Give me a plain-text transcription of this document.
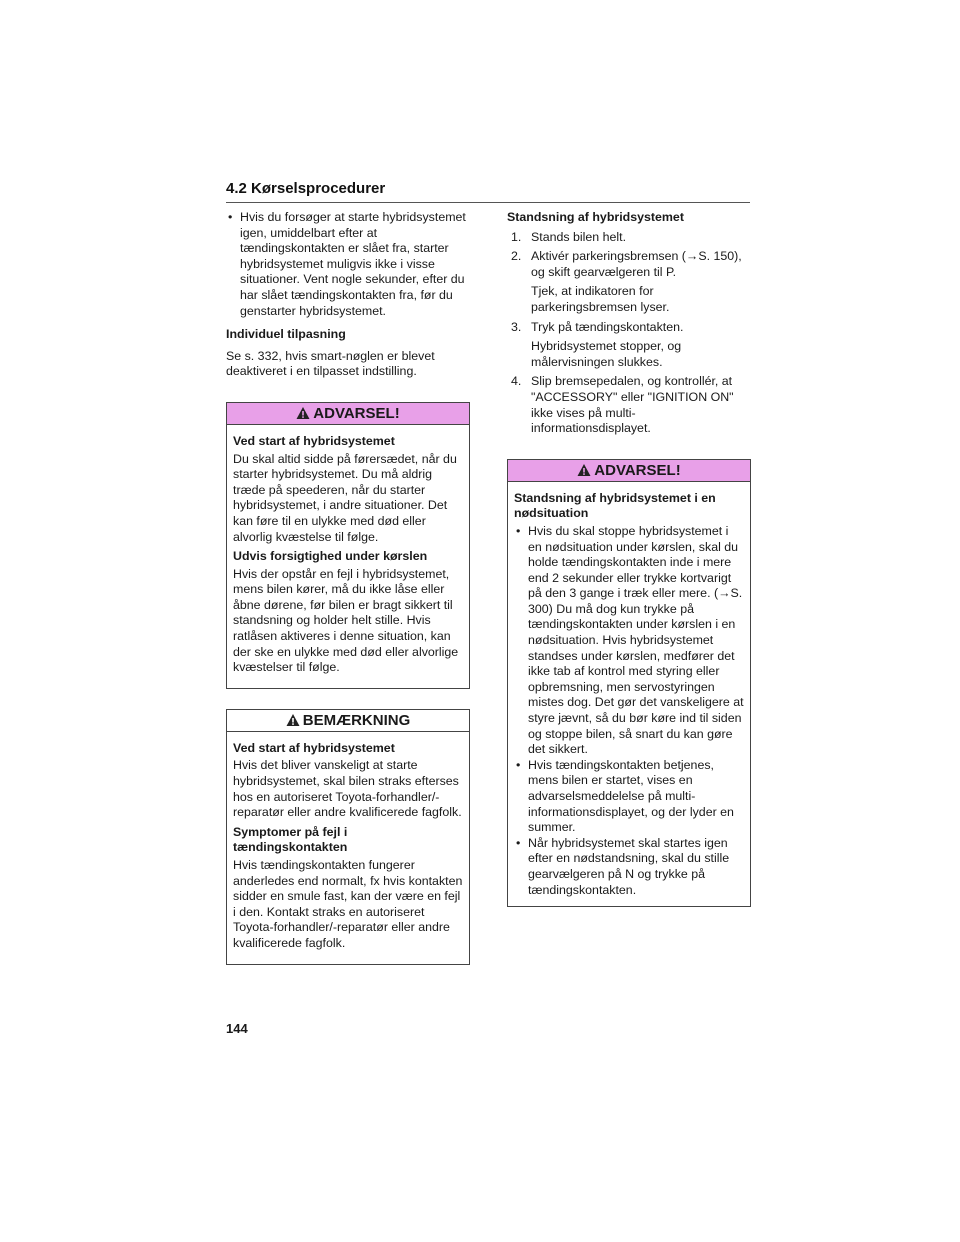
4.2 Kørselsprocedurer
• Hvis du forsøger at starte hybridsystemet igen, umiddelbart efter at tændingskontakten er slået fra, starter hybridsystemet muligvis ikke i visse situationer. Vent nogle sekunder, efter du har slået tændingskontakten fra, før du genstarter hybridsystemet.
Individuel tilpasning

Se s. 332, hvis smart-nøglen er blevet deaktiveret i en tilpasset indstilling.

ADVARSEL!
Ved start af hybridsystemet

Du skal altid sidde på førersædet, når du starter hybridsystemet. Du må aldrig træde på speederen, når du starter hybridsystemet, i andre situationer. Det kan føre til en ulykke med død eller alvorlig kvæstelse til følge.

Udvis forsigtighed under kørslen

Hvis der opstår en fejl i hybridsystemet, mens bilen kører, må du ikke låse eller åbne dørene, før bilen er bragt sikkert til standsning og holder helt stille. Hvis ratlåsen aktiveres i denne situation, kan der ske en ulykke med død eller alvorlige kvæstelser til følge.

BEMÆRKNING
Ved start af hybridsystemet

Hvis det bliver vanskeligt at starte hybridsystemet, skal bilen straks efterses hos en autoriseret Toyota-forhandler/-reparatør eller andre kvalificerede fagfolk.

Symptomer på fejl i tændingskontakten

Hvis tændingskontakten fungerer anderledes end normalt, fx hvis kontakten sidder en smule fast, kan der være en fejl i den. Kontakt straks en autoriseret Toyota-forhandler/-reparatør eller andre kvalificerede fagfolk.

Standsning af hybridsystemet
1. Stands bilen helt.
2. Aktivér parkeringsbremsen (→S. 150), og skift gearvælgeren til P.
Tjek, at indikatoren for parkeringsbremsen lyser.
3. Tryk på tændingskontakten.
Hybridsystemet stopper, og målervisningen slukkes.
4. Slip bremsepedalen, og kontrollér, at "ACCESSORY" eller "IGNITION ON" ikke vises på multi-informationsdisplayet.
ADVARSEL!
Standsning af hybridsystemet i en nødsituation
• Hvis du skal stoppe hybridsystemet i en nødsituation under kørslen, skal du holde tændingskontakten inde i mere end 2 sekunder eller trykke kortvarigt på den 3 gange i træk eller mere. (→S. 300) Du må dog kun trykke på tændingskontakten under kørslen i en nødsituation. Hvis hybridsystemet standses under kørslen, medfører det ikke tab af kontrol med styring eller opbremsning, men servostyringen mistes dog. Det gør det vanskeligere at styre jævnt, så du bør køre ind til siden og stoppe bilen, så snart du kan gøre det sikkert.
• Hvis tændingskontakten betjenes, mens bilen er startet, vises en advarselsmeddelelse på multi-informationsdisplayet, og der lyder en summer.
• Når hybridsystemet skal startes igen efter en nødstandsning, skal du stille gearvælgeren på N og trykke på tændingskontakten.
144
